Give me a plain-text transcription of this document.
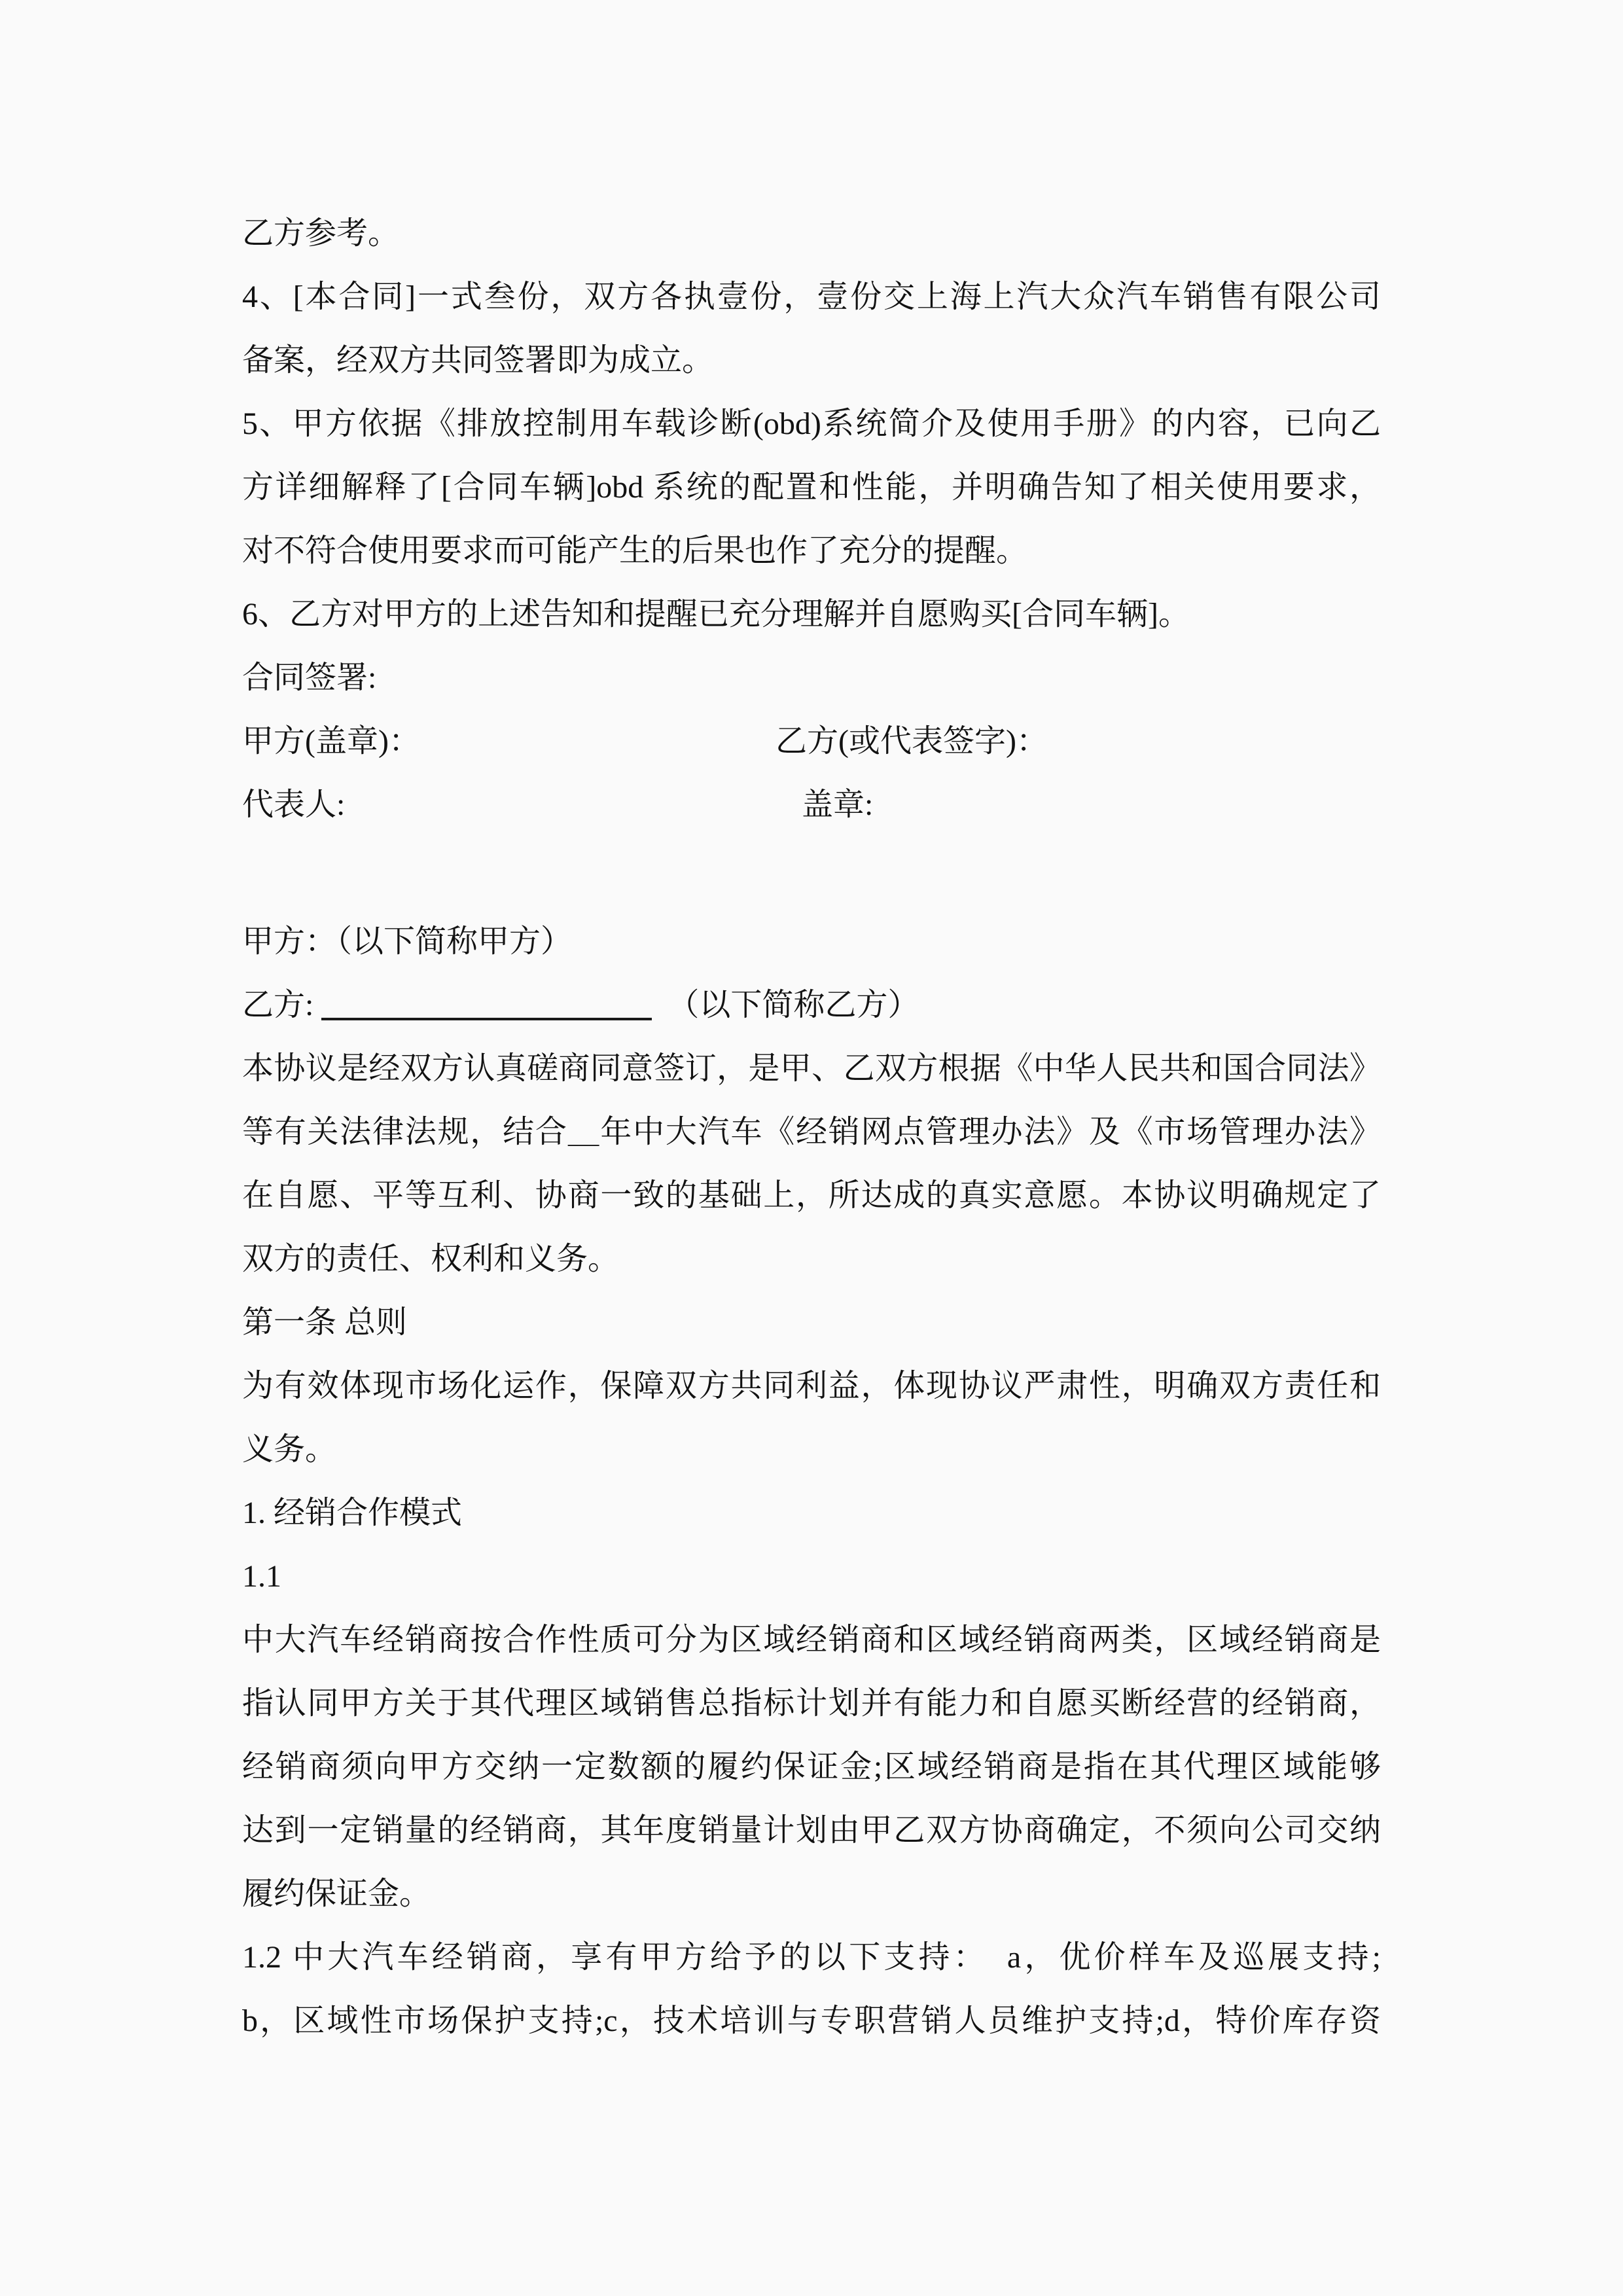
乙方参考。
4、[本合同]一式叁份，双方各执壹份，壹份交上海上汽大众汽车销售有限公司
备案，经双方共同签署即为成立。
5、甲方依据《排放控制用车载诊断(obd)系统简介及使用手册》的内容，已向乙
方详细解释了[合同车辆]obd 系统的配置和性能，并明确告知了相关使用要求，
对不符合使用要求而可能产生的后果也作了充分的提醒。
6、乙方对甲方的上述告知和提醒已充分理解并自愿购买[合同车辆]。
合同签署:
甲方(盖章)：	乙方(或代表签字)：
代表人:	盖章:
甲方：（以下简称甲方）
乙方:	（以下简称乙方）
本协议是经双方认真磋商同意签订，是甲、乙双方根据《中华人民共和国合同法》
等有关法律法规，结合＿年中大汽车《经销网点管理办法》及《市场管理办法》
在自愿、平等互利、协商一致的基础上，所达成的真实意愿。本协议明确规定了
双方的责任、权利和义务。
第一条 总则
为有效体现市场化运作，保障双方共同利益，体现协议严肃性，明确双方责任和
义务。
1. 经销合作模式
1.1
中大汽车经销商按合作性质可分为区域经销商和区域经销商两类，区域经销商是
指认同甲方关于其代理区域销售总指标计划并有能力和自愿买断经营的经销商，
经销商须向甲方交纳一定数额的履约保证金;区域经销商是指在其代理区域能够
达到一定销量的经销商，其年度销量计划由甲乙双方协商确定，不须向公司交纳
履约保证金。
1.2 中大汽车经销商，享有甲方给予的以下支持：　a，优价样车及巡展支持;
b，区域性市场保护支持;c，技术培训与专职营销人员维护支持;d，特价库存资
